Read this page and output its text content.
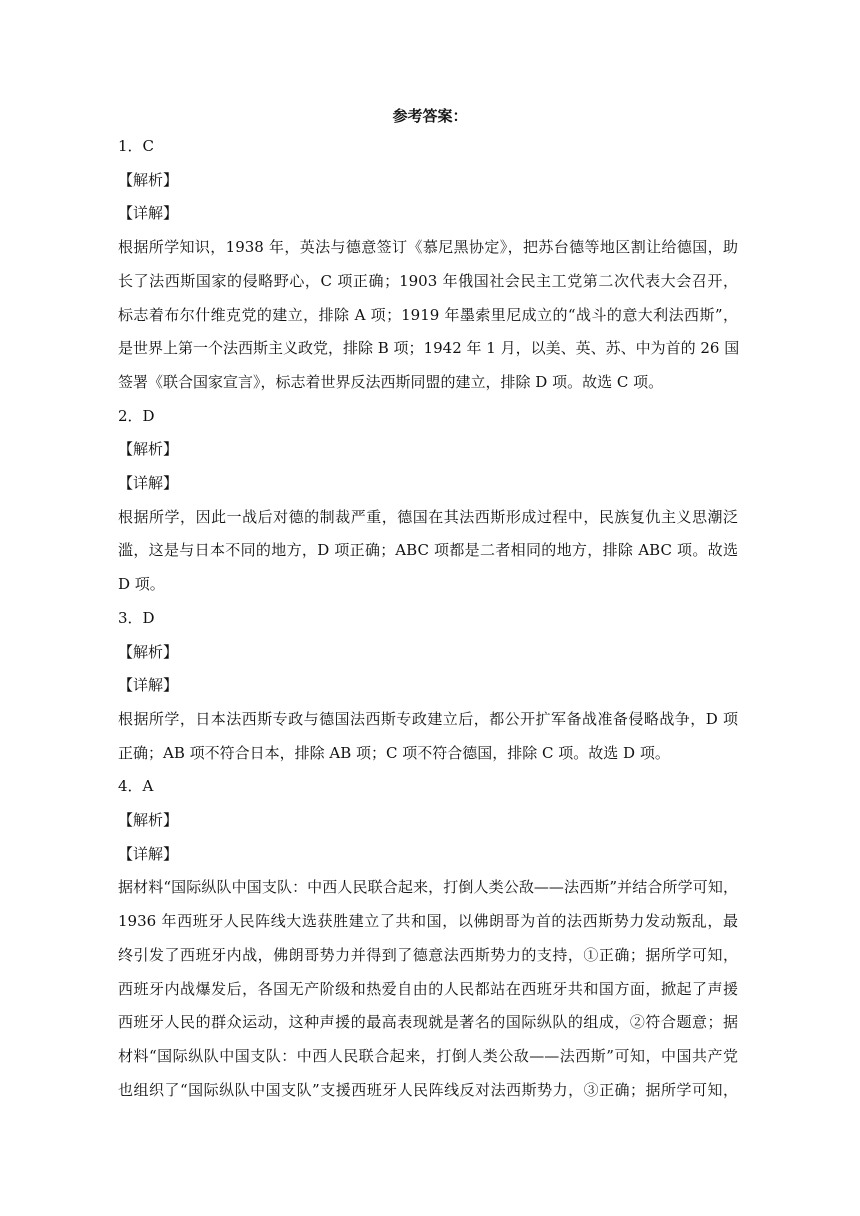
参考答案：
1．C
【解析】
【详解】
根据所学知识，1938 年，英法与德意签订《慕尼黑协定》，把苏台德等地区割让给德国，助
长了法西斯国家的侵略野心，C 项正确；1903 年俄国社会民主工党第二次代表大会召开，
标志着布尔什维克党的建立，排除 A 项；1919 年墨索里尼成立的“战斗的意大利法西斯”，
是世界上第一个法西斯主义政党，排除 B 项；1942 年 1 月，以美、英、苏、中为首的 26 国
签署《联合国家宣言》，标志着世界反法西斯同盟的建立，排除 D 项。故选 C 项。
2．D
【解析】
【详解】
根据所学，因此一战后对德的制裁严重，德国在其法西斯形成过程中，民族复仇主义思潮泛
滥，这是与日本不同的地方，D 项正确；ABC 项都是二者相同的地方，排除 ABC 项。故选
D 项。
3．D
【解析】
【详解】
根据所学，日本法西斯专政与德国法西斯专政建立后，都公开扩军备战准备侵略战争，D 项
正确；AB 项不符合日本，排除 AB 项；C 项不符合德国，排除 C 项。故选 D 项。
4．A
【解析】
【详解】
据材料“国际纵队中国支队：中西人民联合起来，打倒人类公敌——法西斯”并结合所学可知，
1936 年西班牙人民阵线大选获胜建立了共和国，以佛朗哥为首的法西斯势力发动叛乱，最
终引发了西班牙内战，佛朗哥势力并得到了德意法西斯势力的支持，①正确；据所学可知，
西班牙内战爆发后，各国无产阶级和热爱自由的人民都站在西班牙共和国方面，掀起了声援
西班牙人民的群众运动，这种声援的最高表现就是著名的国际纵队的组成，②符合题意；据
材料“国际纵队中国支队：中西人民联合起来，打倒人类公敌——法西斯”可知，中国共产党
也组织了“国际纵队中国支队”支援西班牙人民阵线反对法西斯势力，③正确；据所学可知，
